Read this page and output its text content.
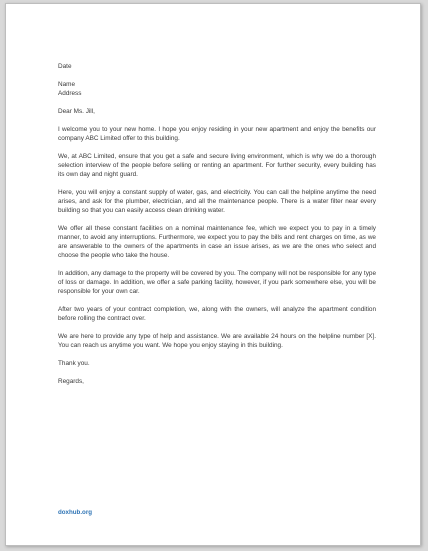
Date
Name
Address
Dear Ms. Jill,

I welcome you to your new home. I hope you enjoy residing in your new apartment and enjoy the benefits our company ABC Limited offer to this building.

We, at ABC Limited, ensure that you get a safe and secure living environment, which is why we do a thorough selection interview of the people before selling or renting an apartment. For further security, every building has its own day and night guard.

Here, you will enjoy a constant supply of water, gas, and electricity. You can call the helpline anytime the need arises, and ask for the plumber, electrician, and all the maintenance people. There is a water filter near every building so that you can easily access clean drinking water.

We offer all these constant facilities on a nominal maintenance fee, which we expect you to pay in a timely manner, to avoid any interruptions. Furthermore, we expect you to pay the bills and rent charges on time, as we are answerable to the owners of the apartments in case an issue arises, as we are the ones who select and choose the people who take the house.

In addition, any damage to the property will be covered by you. The company will not be responsible for any type of loss or damage. In addition, we offer a safe parking facility, however, if you park somewhere else, you will be responsible for your own car.

After two years of your contract completion, we, along with the owners, will analyze the apartment condition before rolling the contract over.

We are here to provide any type of help and assistance. We are available 24 hours on the helpline number [X]. You can reach us anytime you want. We hope you enjoy staying in this building.

Thank you.
Regards,
doxhub.org
